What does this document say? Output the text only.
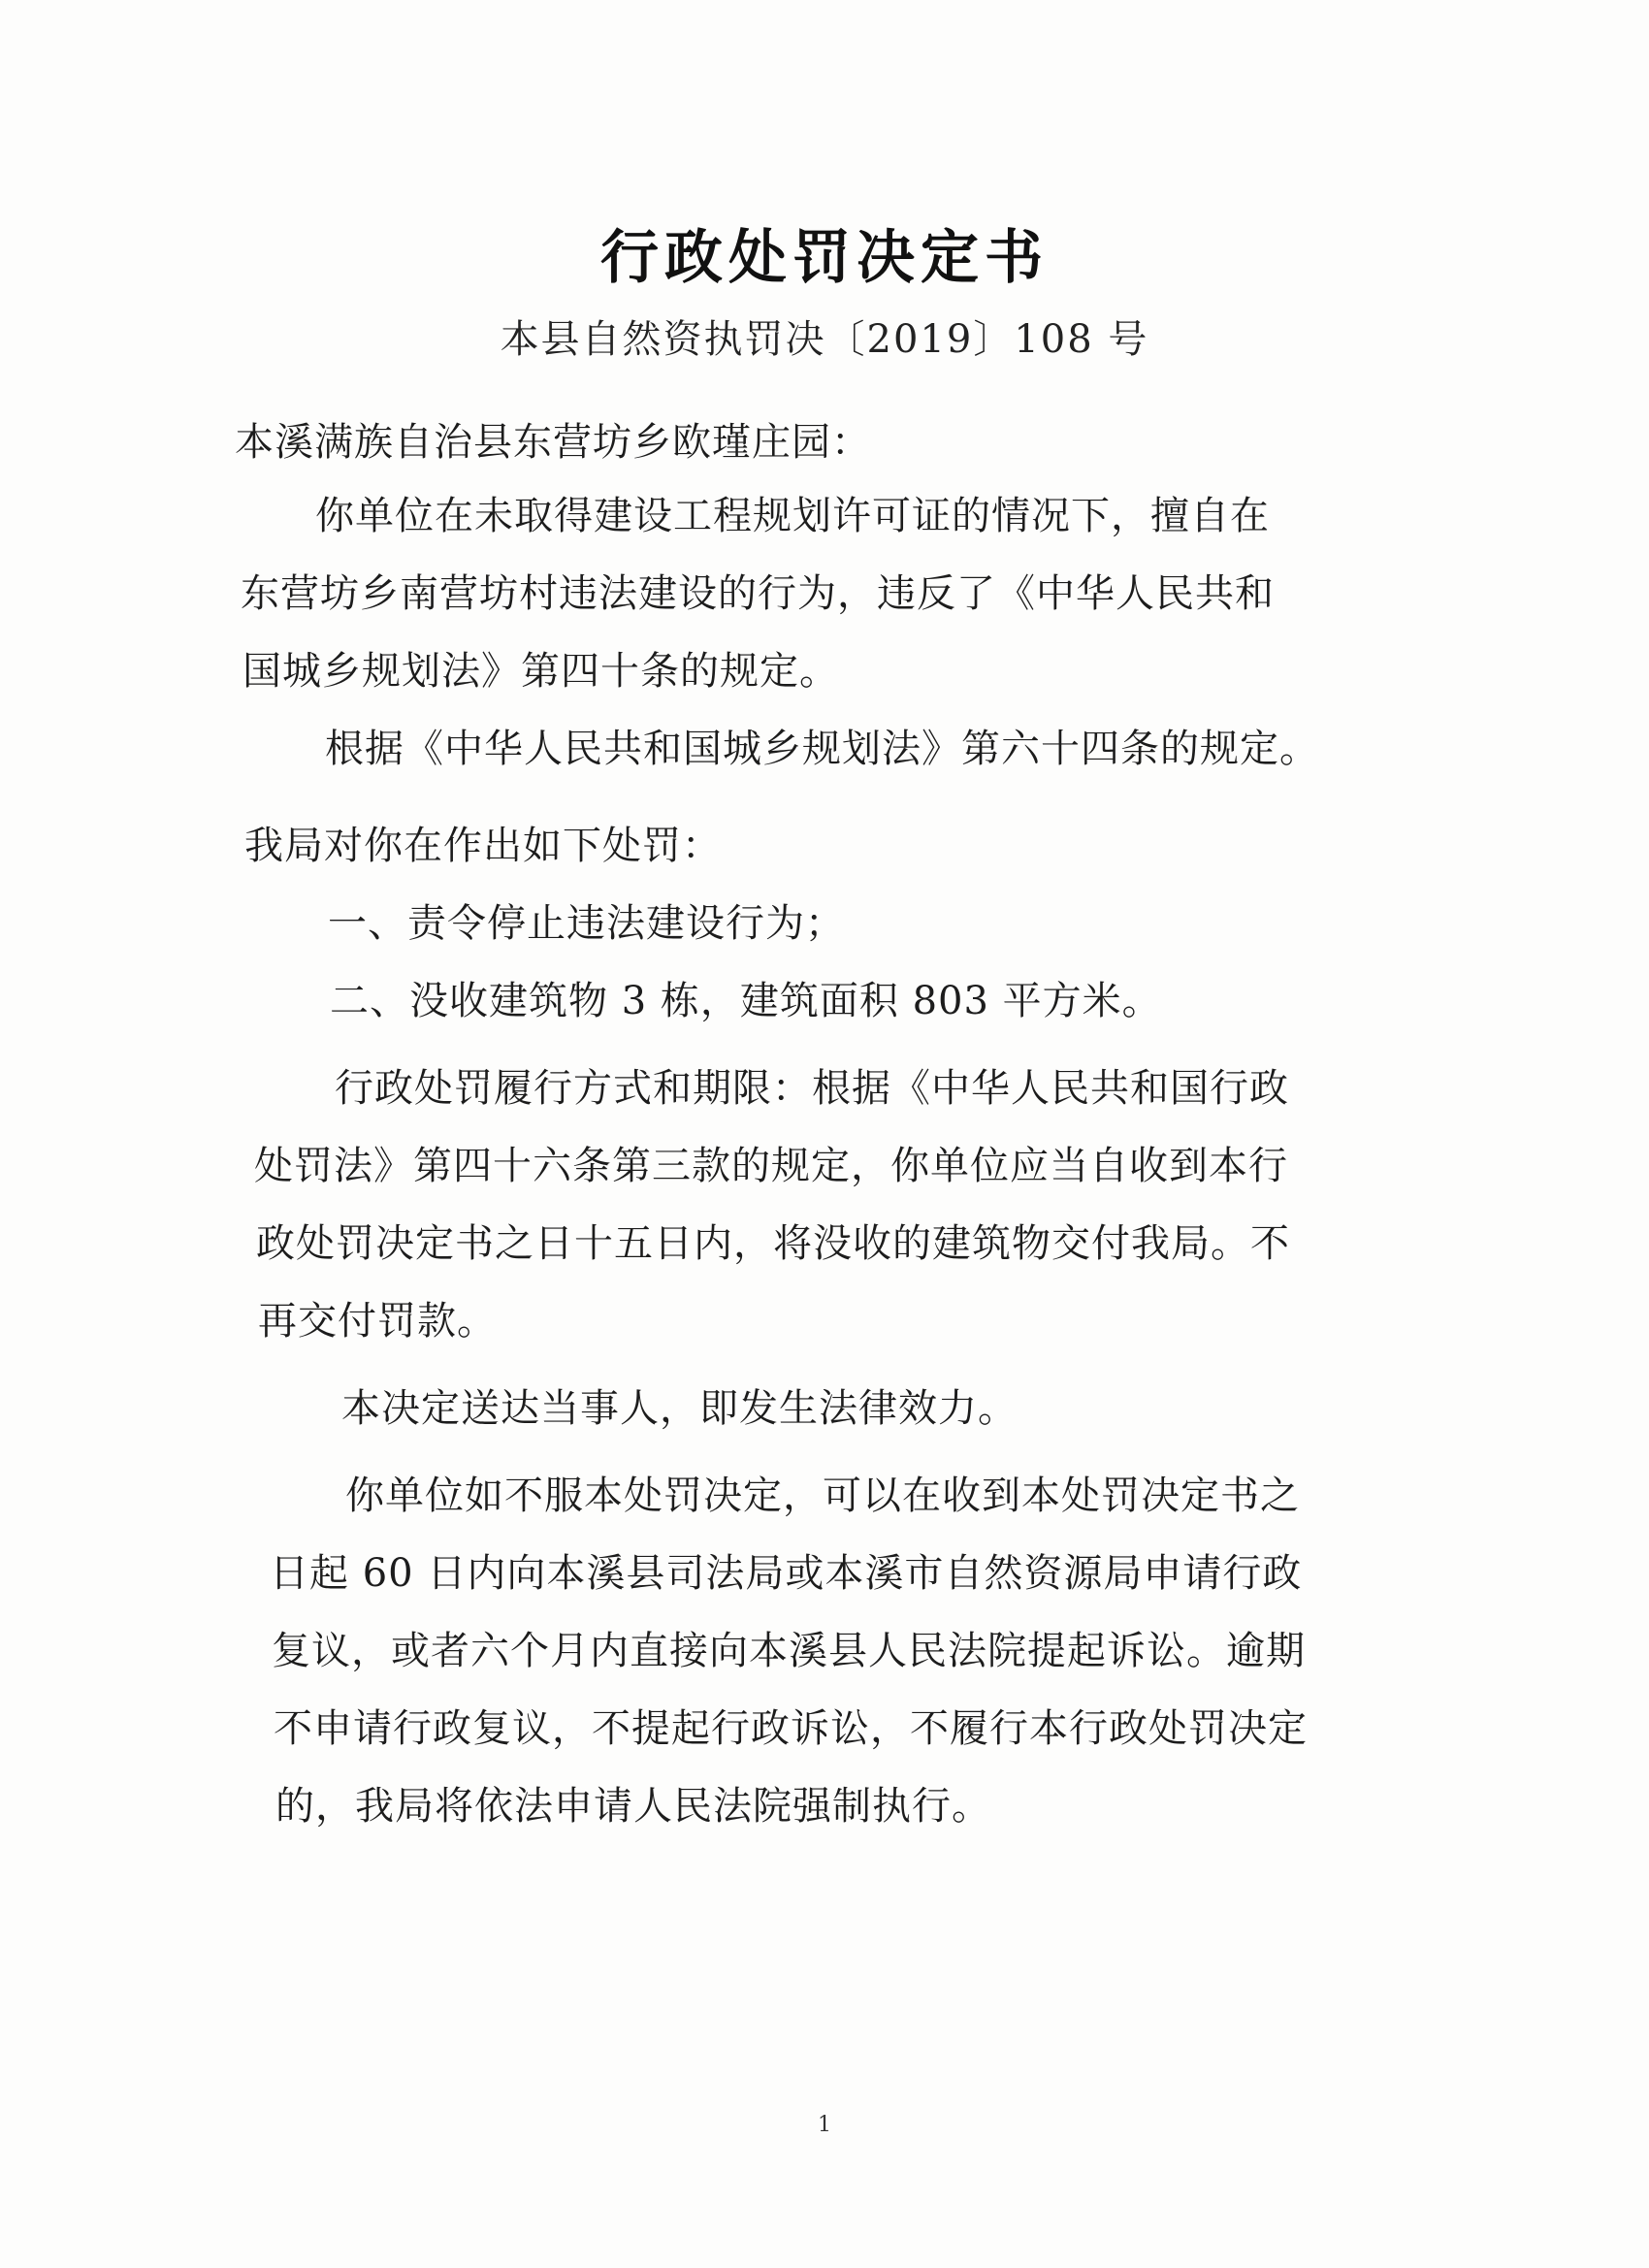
行政处罚决定书
本县自然资执罚决〔2019〕108 号
本溪满族自治县东营坊乡欧瑾庄园：
你单位在未取得建设工程规划许可证的情况下，擅自在
东营坊乡南营坊村违法建设的行为，违反了《中华人民共和
国城乡规划法》第四十条的规定。
根据《中华人民共和国城乡规划法》第六十四条的规定。
我局对你在作出如下处罚：
一、责令停止违法建设行为；
二、没收建筑物 3 栋，建筑面积 803 平方米。
行政处罚履行方式和期限：根据《中华人民共和国行政
处罚法》第四十六条第三款的规定，你单位应当自收到本行
政处罚决定书之日十五日内，将没收的建筑物交付我局。不
再交付罚款。
本决定送达当事人，即发生法律效力。
你单位如不服本处罚决定，可以在收到本处罚决定书之
日起 60 日内向本溪县司法局或本溪市自然资源局申请行政
复议，或者六个月内直接向本溪县人民法院提起诉讼。逾期
不申请行政复议，不提起行政诉讼，不履行本行政处罚决定
的，我局将依法申请人民法院强制执行。
1
